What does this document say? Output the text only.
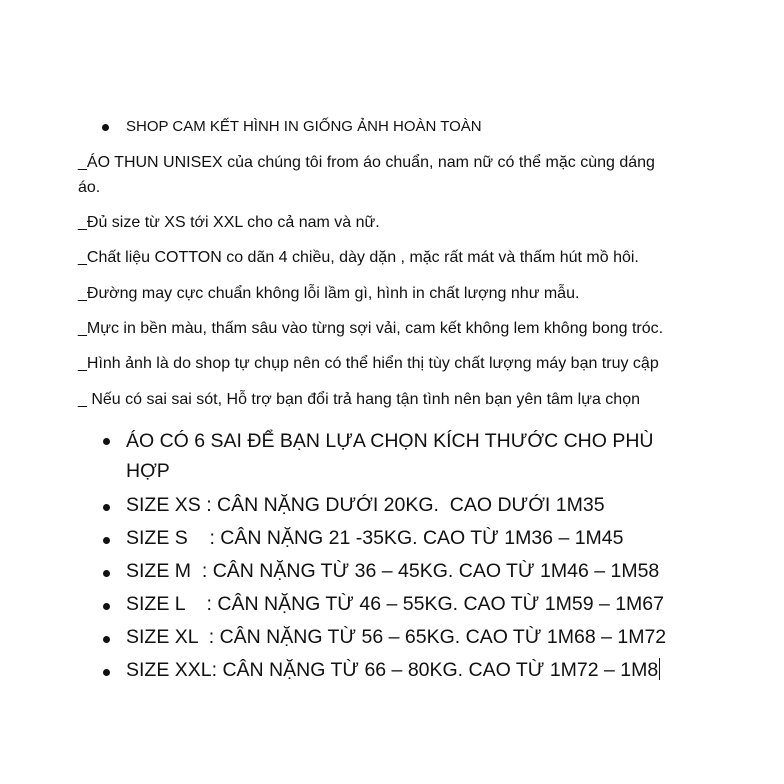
SHOP CAM KẾT HÌNH IN GIỐNG ẢNH HOÀN TOÀN
_ÁO THUN UNISEX của chúng tôi from áo chuẩn, nam nữ có thể mặc cùng dáng
áo.
_Đủ size từ XS tới XXL cho cả nam và nữ.
_Chất liệu COTTON co dãn 4 chiều, dày dặn , mặc rất mát và thấm hút mồ hôi.
_Đường may cực chuẩn không lỗi lầm gì, hình in chất lượng như mẫu.
_Mực in bền màu, thấm sâu vào từng sợi vải, cam kết không lem không bong tróc.
_Hình ảnh là do shop tự chụp nên có thể hiển thị tùy chất lượng máy bạn truy cập
_ Nếu có sai sai sót, Hỗ trợ bạn đổi trả hang tận tình nên bạn yên tâm lựa chọn
ÁO CÓ 6 SAI ĐỂ BẠN LỰA CHỌN KÍCH THƯỚC CHO PHÙ
HỢP
SIZE XS : CÂN NẶNG DƯỚI 20KG.  CAO DƯỚI 1M35
SIZE S    : CÂN NẶNG 21 -35KG. CAO TỪ 1M36 – 1M45
SIZE M  : CÂN NẶNG TỪ 36 – 45KG. CAO TỪ 1M46 – 1M58
SIZE L    : CÂN NẶNG TỪ 46 – 55KG. CAO TỪ 1M59 – 1M67
SIZE XL  : CÂN NẶNG TỪ 56 – 65KG. CAO TỪ 1M68 – 1M72
SIZE XXL: CÂN NẶNG TỪ 66 – 80KG. CAO TỪ 1M72 – 1M8
